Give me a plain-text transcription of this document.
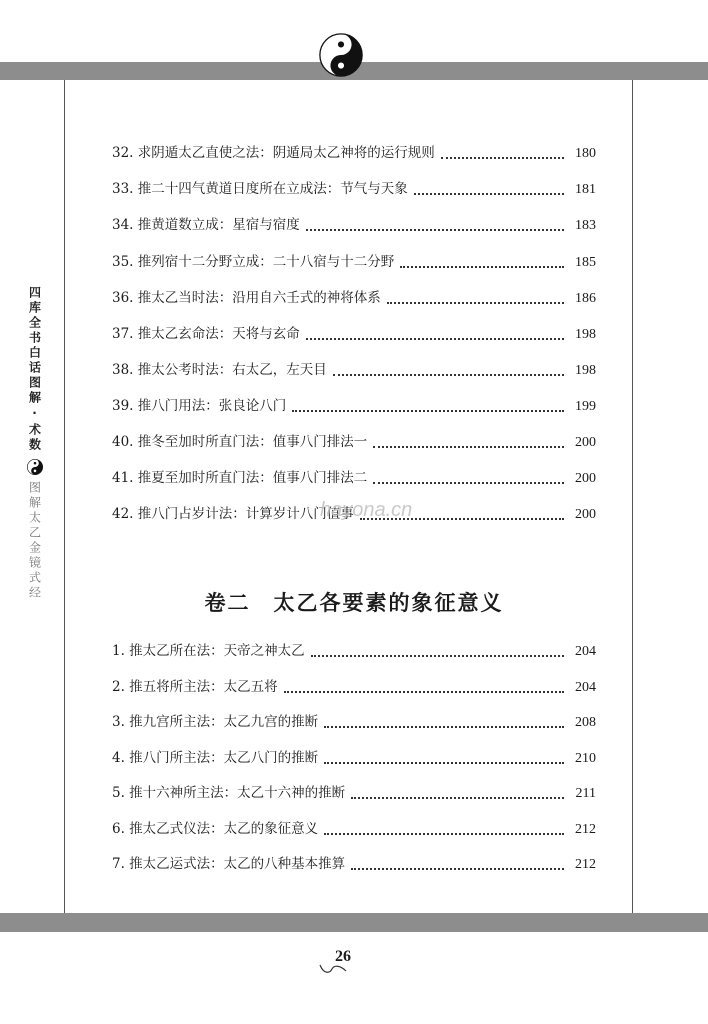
四库全书白话图解·术数
图解太乙金镜式经
32. 求阴遁太乙直使之法：阴遁局太乙神将的运行规则	180
33. 推二十四气黄道日度所在立成法：节气与天象	181
34. 推黄道数立成：星宿与宿度	183
35. 推列宿十二分野立成：二十八宿与十二分野	185
36. 推太乙当时法：沿用自六壬式的神将体系	186
37. 推太乙玄命法：天将与玄命	198
38. 推太公考时法：右太乙，左天目	198
39. 推八门用法：张良论八门	199
40. 推冬至加时所直门法：值事八门排法一	200
41. 推夏至加时所直门法：值事八门排法二	200
42. 推八门占岁计法：计算岁计八门值事	200
1. 推太乙所在法：天帝之神太乙	204
2. 推五将所主法：太乙五将	204
3. 推九宫所主法：太乙九宫的推断	208
4. 推八门所主法：太乙八门的推断	210
5. 推十六神所主法：太乙十六神的推断	211
6. 推太乙式仪法：太乙的象征意义	212
7. 推太乙运式法：太乙的八种基本推算	212
卷二　太乙各要素的象征意义
hayona.cn
26
